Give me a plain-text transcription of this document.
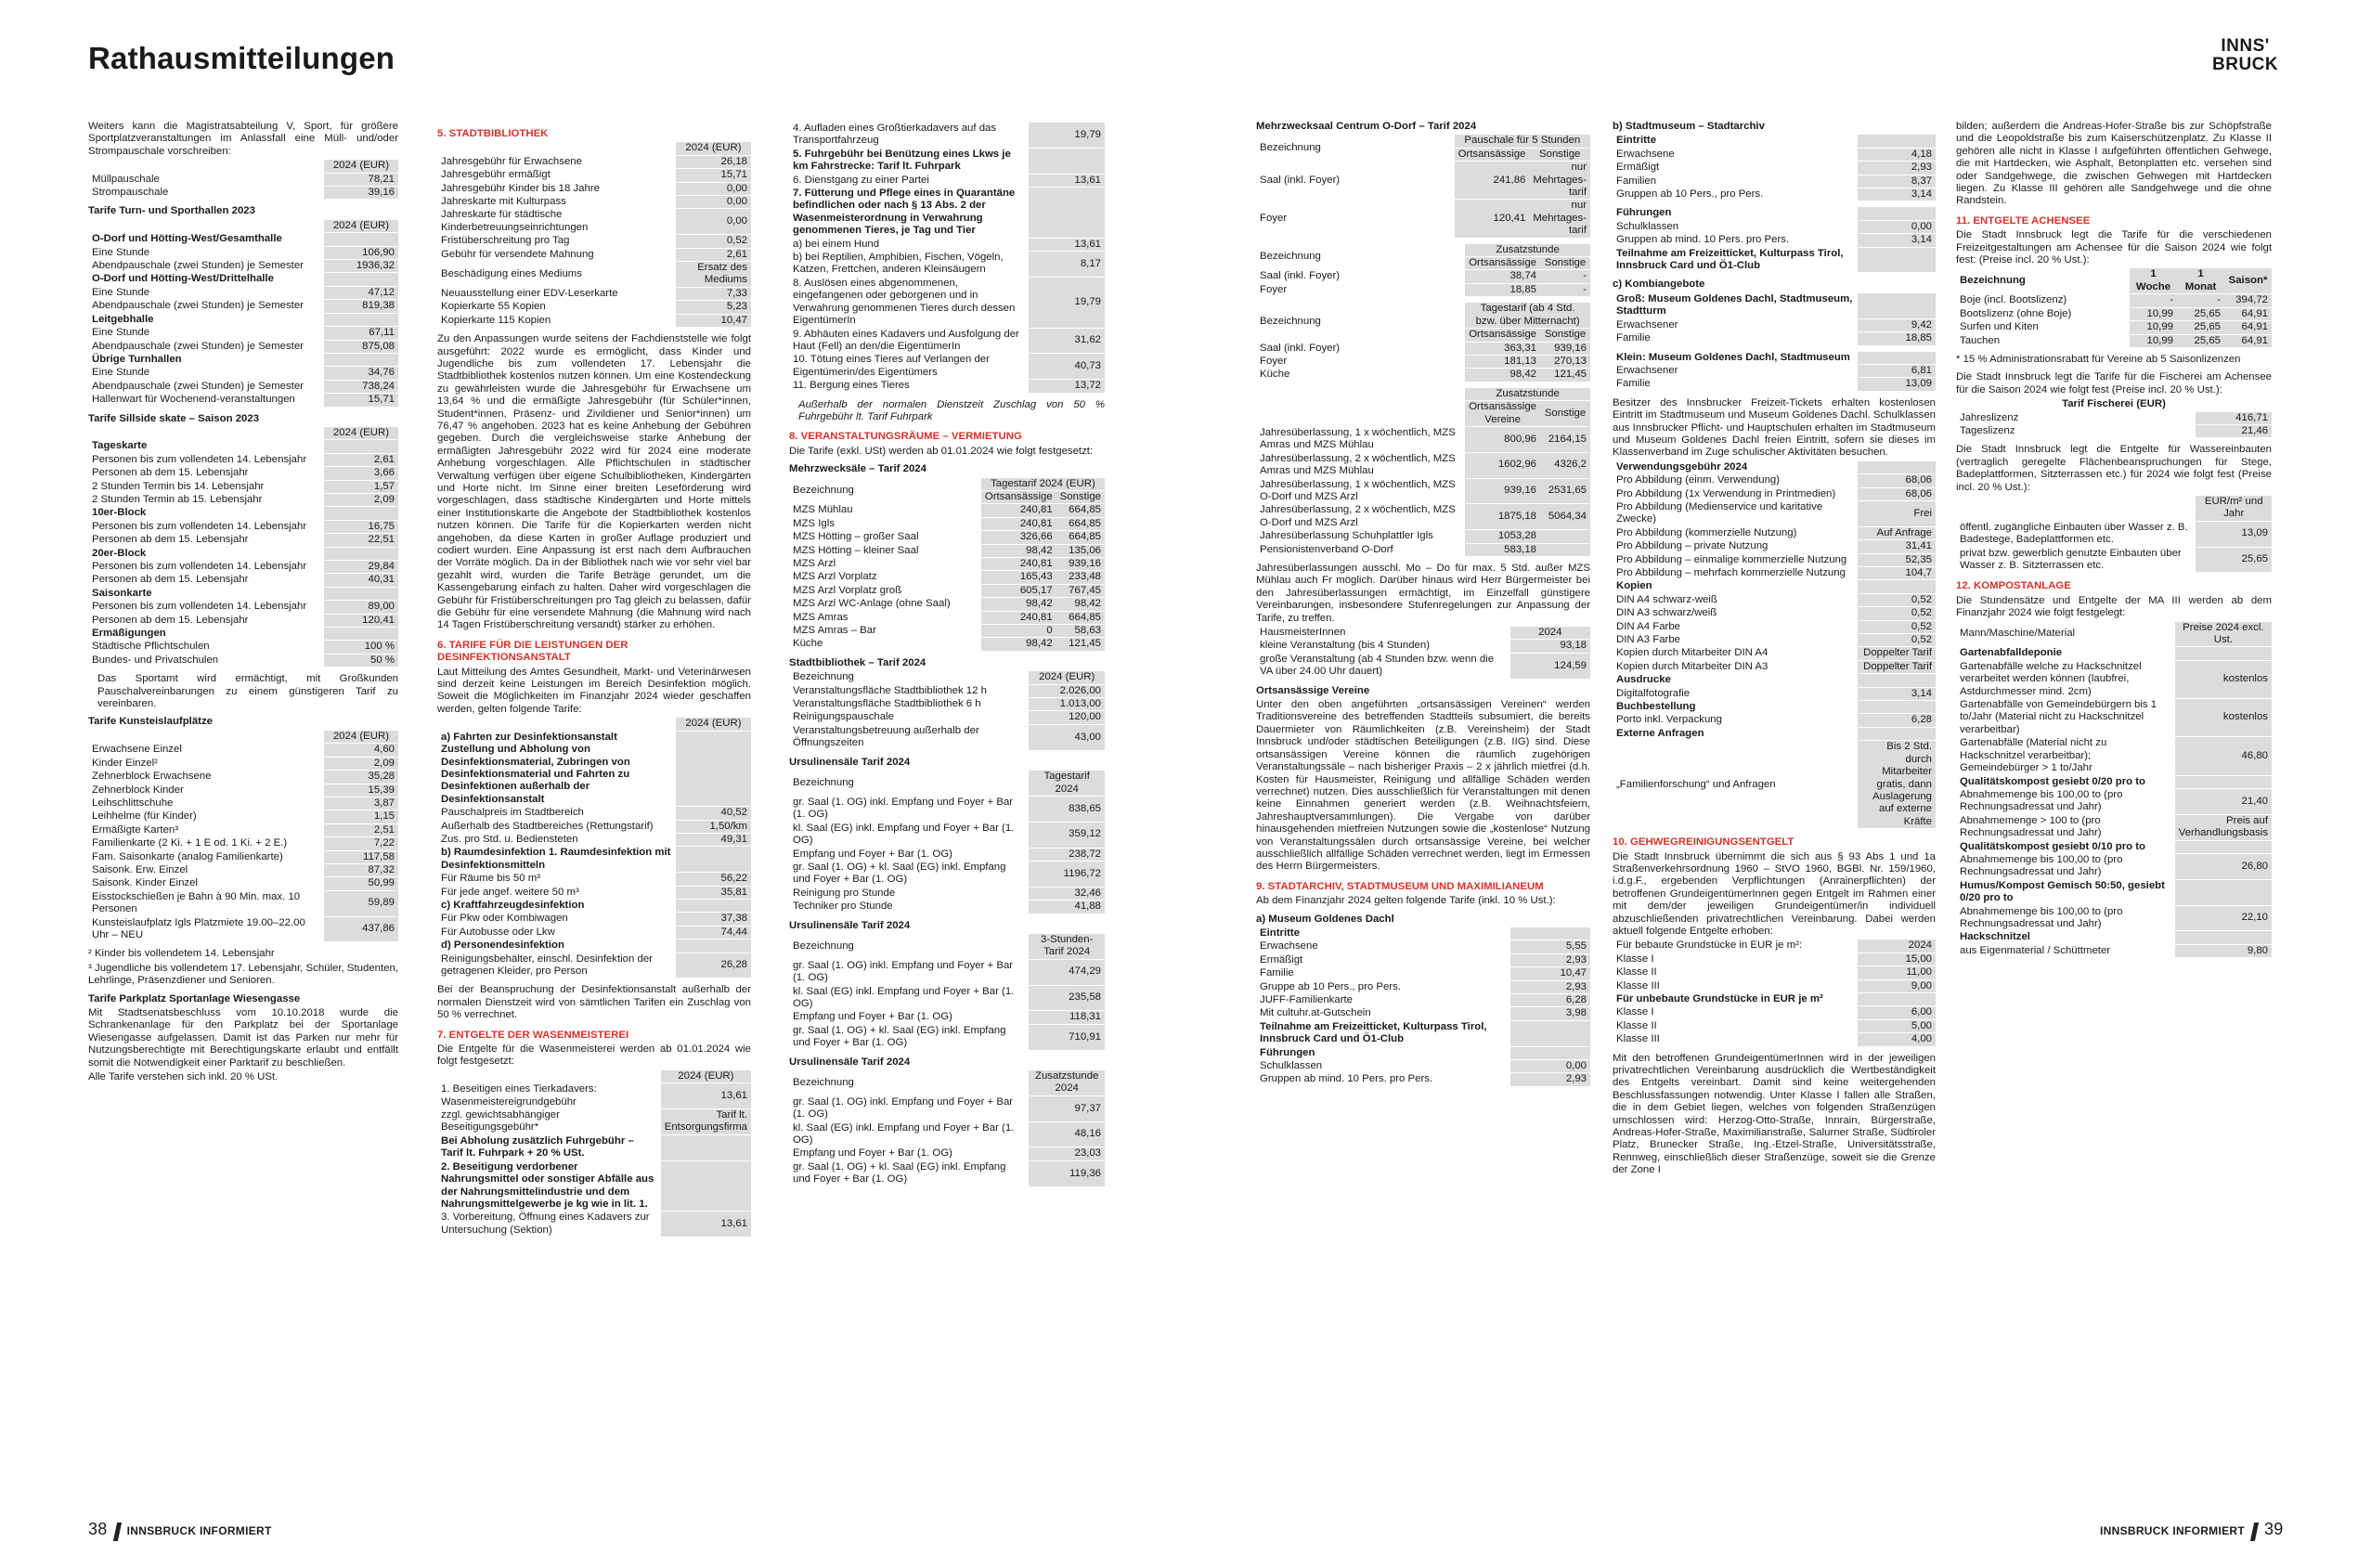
Rathausmitteilungen	INNS'
BRUCK

Weiters kann die Magistratsabteilung V, Sport, für größere Sportplatzveranstaltungen im Anlassfall eine Müll- und/oder Strompauschale vorschreiben:

	2024 (EUR)
Müllpauschale	78,21
Strompauschale	39,16
Tarife Turn- und Sporthallen 2023
	2024 (EUR)
O-Dorf und Hötting-West/Gesamthalle	
Eine Stunde	106,90
Abendpauschale (zwei Stunden) je Semester	1936,32
O-Dorf und Hötting-West/Drittelhalle	
Eine Stunde	47,12
Abendpauschale (zwei Stunden) je Semester	819,38
Leitgebhalle	
Eine Stunde	67,11
Abendpauschale (zwei Stunden) je Semester	875,08
Übrige Turnhallen	
Eine Stunde	34,76
Abendpauschale (zwei Stunden) je Semester	738,24
Hallenwart für Wochenend-veranstaltungen	15,71
Tarife Sillside skate – Saison 2023
	2024 (EUR)
Tageskarte	
Personen bis zum vollendeten 14. Lebensjahr	2,61
Personen ab dem 15. Lebensjahr	3,66
2 Stunden Termin bis 14. Lebensjahr	1,57
2 Stunden Termin ab 15. Lebensjahr	2,09
10er-Block	
Personen bis zum vollendeten 14. Lebensjahr	16,75
Personen ab dem 15. Lebensjahr	22,51
20er-Block	
Personen bis zum vollendeten 14. Lebensjahr	29,84
Personen ab dem 15. Lebensjahr	40,31
Saisonkarte	
Personen bis zum vollendeten 14. Lebensjahr	89,00
Personen ab dem 15. Lebensjahr	120,41
Ermäßigungen	
Städtische Pflichtschulen	100 %
Bundes- und Privatschulen	50 %

Das Sportamt wird ermächtigt, mit Großkunden Pauschalvereinbarungen zu einem günstigeren Tarif zu vereinbaren.

Tarife Kunsteislaufplätze
	2024 (EUR)
Erwachsene Einzel	4,60
Kinder Einzel²	2,09
Zehnerblock Erwachsene	35,28
Zehnerblock Kinder	15,39
Leihschlittschuhe	3,87
Leihhelme (für Kinder)	1,15
Ermäßigte Karten³	2,51
Familienkarte (2 Ki. + 1 E od. 1 Ki. + 2 E.)	7,22
Fam. Saisonkarte (analog Familienkarte)	117,58
Saisonk. Erw. Einzel	87,32
Saisonk. Kinder Einzel	50,99
Eisstockschießen je Bahn à 90 Min. max. 10 Personen	59,89
Kunsteislaufplatz Igls Platzmiete 19.00–22.00 Uhr – NEU	437,86

² Kinder bis vollendetem 14. Lebensjahr

³ Jugendliche bis vollendetem 17. Lebensjahr, Schüler, Studenten, Lehrlinge, Präsenzdiener und Senioren.

Tarife Parkplatz Sportanlage Wiesengasse

Mit Stadtsenatsbeschluss vom 10.10.2018 wurde die Schrankenanlage für den Parkplatz bei der Sportanlage Wiesengasse aufgelassen. Damit ist das Parken nur mehr für Nutzungsberechtigte mit Berechtigungskarte erlaubt und entfällt somit die Notwendigkeit einer Parktarif zu beschließen.

Alle Tarife verstehen sich inkl. 20 % USt.

5. STADTBIBLIOTHEK
	2024 (EUR)
Jahresgebühr für Erwachsene	26,18
Jahresgebühr ermäßigt	15,71
Jahresgebühr Kinder bis 18 Jahre	0,00
Jahreskarte mit Kulturpass	0,00
Jahreskarte für städtische Kinderbetreuungseinrichtungen	0,00
Fristüberschreitung pro Tag	0,52
Gebühr für versendete Mahnung	2,61
Beschädigung eines Mediums	Ersatz des Mediums
Neuausstellung einer EDV-Leserkarte	7,33
Kopierkarte 55 Kopien	5,23
Kopierkarte 115 Kopien	10,47

Zu den Anpassungen wurde seitens der Fachdienststelle wie folgt ausgeführt: 2022 wurde es ermöglicht, dass Kinder und Jugendliche bis zum vollendeten 17. Lebensjahr die Stadtbibliothek kostenlos nutzen können. Um eine Kostendeckung zu gewährleisten wurde die Jahresgebühr für Erwachsene um 13,64 % und die ermäßigte Jahresgebühr (für Schüler*innen, Student*innen, Präsenz- und Zivildiener und Senior*innen) um 76,47 % angehoben. 2023 hat es keine Anhebung der Gebühren gegeben. Durch die vergleichsweise starke Anhebung der ermäßigten Jahresgebühr 2022 wird für 2024 eine moderate Anhebung vorgeschlagen. Alle Pflichtschulen in städtischer Verwaltung verfügen über eigene Schulbibliotheken, Kindergärten und Horte nicht. Im Sinne einer breiten Leseförderung wird vorgeschlagen, dass städtische Kindergärten und Horte mittels einer Institutionskarte die Angebote der Stadtbibliothek kostenlos nutzen können. Die Tarife für die Kopierkarten werden nicht angehoben, da diese Karten in großer Auflage produziert und codiert wurden. Eine Anpassung ist erst nach dem Aufbrauchen der Vorräte möglich. Da in der Bibliothek nach wie vor sehr viel bar gezahlt wird, wurden die Tarife Beträge gerundet, um die Kassengebarung einfach zu halten. Daher wird vorgeschlagen die Gebühr für Fristüberschreitungen pro Tag gleich zu belassen, dafür die Gebühr für eine versendete Mahnung (die Mahnung wird nach 14 Tagen Fristüberschreitung versandt) stärker zu erhöhen.

6. TARIFE FÜR DIE LEISTUNGEN DER DESINFEKTIONSANSTALT

Laut Mitteilung des Amtes Gesundheit, Markt- und Veterinärwesen sind derzeit keine Leistungen im Bereich Desinfektion möglich. Soweit die Möglichkeiten im Finanzjahr 2024 wieder geschaffen werden, gelten folgende Tarife:

	2024 (EUR)
a) Fahrten zur Desinfektionsanstalt Zustellung und Abholung von Desinfektionsmaterial, Zubringen von Desinfektionsmaterial und Fahrten zu Desinfektionen außerhalb der Desinfektionsanstalt	
Pauschalpreis im Stadtbereich	40,52
Außerhalb des Stadtbereiches (Rettungstarif)	1,50/km
Zus. pro Std. u. Bediensteten	49,31
b) Raumdesinfektion 1. Raumdesinfektion mit Desinfektionsmitteln	
Für Räume bis 50 m³	56,22
Für jede angef. weitere 50 m³	35,81
c) Kraftfahrzeugdesinfektion	
Für Pkw oder Kombiwagen	37,38
Für Autobusse oder Lkw	74,44
d) Personendesinfektion	
Reinigungsbehälter, einschl. Desinfektion der getragenen Kleider, pro Person	26,28

Bei der Beanspruchung der Desinfektionsanstalt außerhalb der normalen Dienstzeit wird von sämtlichen Tarifen ein Zuschlag von 50 % verrechnet.

7. ENTGELTE DER WASENMEISTEREI

Die Entgelte für die Wasenmeisterei werden ab 01.01.2024 wie folgt festgesetzt:

	2024 (EUR)
1. Beseitigen eines Tierkadavers: Wasenmeistereigrundgebühr	13,61
zzgl. gewichtsabhängiger Beseitigungsgebühr*	Tarif lt. Entsorgungsfirma
Bei Abholung zusätzlich Fuhrgebühr – Tarif lt. Fuhrpark + 20 % USt.	
2. Beseitigung verdorbener Nahrungsmittel oder sonstiger Abfälle aus der Nahrungsmittelindustrie und dem Nahrungsmittelgewerbe je kg wie in lit. 1.	
3. Vorbereitung, Öffnung eines Kadavers zur Untersuchung (Sektion)	13,61
4. Aufladen eines Großtierkadavers auf das Transportfahrzeug	19,79
5. Fuhrgebühr bei Benützung eines Lkws je km Fahrstrecke: Tarif lt. Fuhrpark	
6. Dienstgang zu einer Partei	13,61
7. Fütterung und Pflege eines in Quarantäne befindlichen oder nach § 13 Abs. 2 der Wasenmeisterordnung in Verwahrung genommenen Tieres, je Tag und Tier	
a) bei einem Hund	13,61
b) bei Reptilien, Amphibien, Fischen, Vögeln, Katzen, Frettchen, anderen Kleinsäugern	8,17
8. Auslösen eines abgenommenen, eingefangenen oder geborgenen und in Verwahrung genommenen Tieres durch dessen EigentümerIn	19,79
9. Abhäuten eines Kadavers und Ausfolgung der Haut (Fell) an den/die EigentümerIn	31,62
10. Tötung eines Tieres auf Verlangen der Eigentümerin/des Eigentümers	40,73
11. Bergung eines Tieres	13,72

Außerhalb der normalen Dienstzeit Zuschlag von 50 % Fuhrgebühr lt. Tarif Fuhrpark

8. VERANSTALTUNGSRÄUME – VERMIETUNG

Die Tarife (exkl. USt) werden ab 01.01.2024 wie folgt festgesetzt:

Mehrzwecksäle – Tarif 2024
Bezeichnung	Tagestarif 2024 (EUR)	
	Ortsansässige	Sonstige
MZS Mühlau	240,81	664,85
MZS Igls	240,81	664,85
MZS Hötting – großer Saal	326,66	664,85
MZS Hötting – kleiner Saal	98,42	135,06
MZS Arzl	240,81	939,16
MZS Arzl Vorplatz	165,43	233,48
MZS Arzl Vorplatz groß	605,17	767,45
MZS Arzl WC-Anlage (ohne Saal)	98,42	98,42
MZS Amras	240,81	664,85
MZS Amras – Bar	0	58,63
Küche	98,42	121,45
Stadtbibliothek – Tarif 2024
Bezeichnung	2024 (EUR)
Veranstaltungsfläche Stadtbibliothek 12 h	2.026,00
Veranstaltungsfläche Stadtbibliothek 6 h	1.013,00
Reinigungspauschale	120,00
Veranstaltungsbetreuung außerhalb der Öffnungszeiten	43,00
Ursulinensäle Tarif 2024
Bezeichnung	Tagestarif 2024
gr. Saal (1. OG) inkl. Empfang und Foyer + Bar (1. OG)	838,65
kl. Saal (EG) inkl. Empfang und Foyer + Bar (1. OG)	359,12
Empfang und Foyer + Bar (1. OG)	238,72
gr. Saal (1. OG) + kl. Saal (EG) inkl. Empfang und Foyer + Bar (1. OG)	1196,72
Reinigung pro Stunde	32,46
Techniker pro Stunde	41,88
Ursulinensäle Tarif 2024
Bezeichnung	3-Stunden-Tarif 2024
gr. Saal (1. OG) inkl. Empfang und Foyer + Bar (1. OG)	474,29
kl. Saal (EG) inkl. Empfang und Foyer + Bar (1. OG)	235,58
Empfang und Foyer + Bar (1. OG)	118,31
gr. Saal (1. OG) + kl. Saal (EG) inkl. Empfang und Foyer + Bar (1. OG)	710,91
Ursulinensäle Tarif 2024
Bezeichnung	Zusatzstunde 2024
gr. Saal (1. OG) inkl. Empfang und Foyer + Bar (1. OG)	97,37
kl. Saal (EG) inkl. Empfang und Foyer + Bar (1. OG)	48,16
Empfang und Foyer + Bar (1. OG)	23,03
gr. Saal (1. OG) + kl. Saal (EG) inkl. Empfang und Foyer + Bar (1. OG)	119,36
Mehrzwecksaal Centrum O-Dorf – Tarif 2024
Bezeichnung	Pauschale für 5 Stunden	
	Ortsansässige	Sonstige
Saal (inkl. Foyer)	241,86	nur Mehrtages-tarif
Foyer	120,41	nur Mehrtages-tarif
Bezeichnung	Zusatzstunde	
	Ortsansässige	Sonstige
Saal (inkl. Foyer)	38,74	-
Foyer	18,85	-
Bezeichnung	Tagestarif (ab 4 Std. bzw. über Mitternacht)	
	Ortsansässige	Sonstige
Saal (inkl. Foyer)	363,31	939,16
Foyer	181,13	270,13
Küche	98,42	121,45
	Zusatzstunde	
	Ortsansässige Vereine	Sonstige
Jahresüberlassung, 1 x wöchentlich, MZS Amras und MZS Mühlau	800,96	2164,15
Jahresüberlassung, 2 x wöchentlich, MZS Amras und MZS Mühlau	1602,96	4326,2
Jahresüberlassung, 1 x wöchentlich, MZS O-Dorf und MZS Arzl	939,16	2531,65
Jahresüberlassung, 2 x wöchentlich, MZS O-Dorf und MZS Arzl	1875,18	5064,34
Jahresüberlassung Schuhplattler Igls	1053,28	
Pensionistenverband O-Dorf	583,18	

Jahresüberlassungen ausschl. Mo – Do für max. 5 Std. außer MZS Mühlau auch Fr möglich. Darüber hinaus wird Herr Bürgermeister bei den Jahresüberlassungen ermächtigt, im Einzelfall günstigere Vereinbarungen, insbesondere Stufenregelungen zur Anpassung der Tarife, zu treffen.

HausmeisterInnen	2024
kleine Veranstaltung (bis 4 Stunden)	93,18
große Veranstaltung (ab 4 Stunden bzw. wenn die VA über 24.00 Uhr dauert)	124,59
Ortsansässige Vereine

Unter den oben angeführten „ortsansässigen Vereinen“ werden Traditionsvereine des betreffenden Stadtteils subsumiert, die bereits Dauermieter von Räumlichkeiten (z.B. Vereinsheim) der Stadt Innsbruck und/oder städtischen Beteiligungen (z.B. IIG) sind. Diese ortsansässigen Vereine können die räumlich zugehörigen Veranstaltungssäle – nach bisheriger Praxis – 2 x jährlich mietfrei (d.h. Kosten für Hausmeister, Reinigung und allfällige Schäden werden verrechnet) nutzen. Dies ausschließlich für Veranstaltungen mit denen keine Einnahmen generiert werden (z.B. Weihnachtsfeiern, Jahreshauptversammlungen). Die Vergabe von darüber hinausgehenden mietfreien Nutzungen sowie die „kostenlose“ Nutzung von Veranstaltungssälen durch ortsansässige Vereine, bei welcher ausschließlich allfällige Schäden verrechnet werden, liegt im Ermessen des Herrn Bürgermeisters.

9. STADTARCHIV, STADTMUSEUM UND MAXIMILIANEUM

Ab dem Finanzjahr 2024 gelten folgende Tarife (inkl. 10 % Ust.):

a) Museum Goldenes Dachl
Eintritte	
Erwachsene	5,55
Ermäßigt	2,93
Familie	10,47
Gruppe ab 10 Pers., pro Pers.	2,93
JUFF-Familienkarte	6,28
Mit cultuhr.at-Gutschein	3,98
Teilnahme am Freizeitticket, Kulturpass Tirol, Innsbruck Card und Ö1-Club	
Führungen	
Schulklassen	0,00
Gruppen ab mind. 10 Pers. pro Pers.	2,93
b) Stadtmuseum – Stadtarchiv
Eintritte	
Erwachsene	4,18
Ermäßigt	2,93
Familien	8,37
Gruppen ab 10 Pers., pro Pers.	3,14
Führungen	
Schulklassen	0,00
Gruppen ab mind. 10 Pers. pro Pers.	3,14
Teilnahme am Freizeitticket, Kulturpass Tirol, Innsbruck Card und Ö1-Club	
c) Kombiangebote
Groß: Museum Goldenes Dachl, Stadtmuseum, Stadtturm	
Erwachsener	9,42
Familie	18,85
Klein: Museum Goldenes Dachl, Stadtmuseum	
Erwachsener	6,81
Familie	13,09

Besitzer des Innsbrucker Freizeit-Tickets erhalten kostenlosen Eintritt im Stadtmuseum und Museum Goldenes Dachl. Schulklassen aus Innsbrucker Pflicht- und Hauptschulen erhalten im Stadtmuseum und Museum Goldenes Dachl freien Eintritt, sofern sie dieses im Klassenverband im Zuge schulischer Aktivitäten besuchen.

Verwendungsgebühr 2024	
Pro Abbildung (einm. Verwendung)	68,06
Pro Abbildung (1x Verwendung in Printmedien)	68,06
Pro Abbildung (Medienservice und karitative Zwecke)	Frei
Pro Abbildung (kommerzielle Nutzung)	Auf Anfrage
Pro Abbildung – private Nutzung	31,41
Pro Abbildung – einmalige kommerzielle Nutzung	52,35
Pro Abbildung – mehrfach kommerzielle Nutzung	104,7
Kopien	
DIN A4 schwarz-weiß	0,52
DIN A3 schwarz/weiß	0,52
DIN A4 Farbe	0,52
DIN A3 Farbe	0,52
Kopien durch Mitarbeiter DIN A4	Doppelter Tarif
Kopien durch Mitarbeiter DIN A3	Doppelter Tarif
Ausdrucke	
Digitalfotografie	3,14
Buchbestellung	
Porto inkl. Verpackung	6,28
Externe Anfragen	
„Familienforschung“ und Anfragen	Bis 2 Std. durch Mitarbeiter gratis, dann Auslagerung auf externe Kräfte
10. GEHWEGREINIGUNGSENTGELT

Die Stadt Innsbruck übernimmt die sich aus § 93 Abs 1 und 1a Straßenverkehrsordnung 1960 – StVO 1960, BGBl. Nr. 159/1960, i.d.g.F., ergebenden Verpflichtungen (Anrainerpflichten) der betroffenen GrundeigentümerInnen gegen Entgelt im Rahmen einer mit dem/der jeweiligen Grundeigentümer/in individuell abzuschließenden privatrechtlichen Vereinbarung. Dabei werden aktuell folgende Entgelte erhoben:

Für bebaute Grundstücke in EUR je m²:	2024
Klasse I	15,00
Klasse II	11,00
Klasse III	9,00
Für unbebaute Grundstücke in EUR je m²	
Klasse I	6,00
Klasse II	5,00
Klasse III	4,00

Mit den betroffenen GrundeigentümerInnen wird in der jeweiligen privatrechtlichen Vereinbarung ausdrücklich die Wertbeständigkeit des Entgelts vereinbart. Damit sind keine weitergehenden Beschlussfassungen notwendig. Unter Klasse I fallen alle Straßen, die in dem Gebiet liegen, welches von folgenden Straßenzügen umschlossen wird: Herzog-Otto-Straße, Innrain, Bürgerstraße, Andreas-Hofer-Straße, Maximilianstraße, Salurner Straße, Südtiroler Platz, Brunecker Straße, Ing.-Etzel-Straße, Universitätsstraße, Rennweg, einschließlich dieser Straßenzüge, soweit sie die Grenze der Zone I

bilden; außerdem die Andreas-Hofer-Straße bis zur Schöpfstraße und die Leopoldstraße bis zum Kaiserschützenplatz. Zu Klasse II gehören alle nicht in Klasse I aufgeführten öffentlichen Gehwege, die mit Hartdecken, wie Asphalt, Betonplatten etc. versehen sind oder Sandgehwege, die zwischen Gehwegen mit Hartdecken liegen. Zu Klasse III gehören alle Sandgehwege und die ohne Randstein.

11. ENTGELTE ACHENSEE

Die Stadt Innsbruck legt die Tarife für die verschiedenen Freizeitgestaltungen am Achensee für die Saison 2024 wie folgt fest: (Preise incl. 20 % Ust.):

Bezeichnung	1 Woche	1 Monat	Saison*
Boje (incl. Bootslizenz)	-	-	394,72
Bootslizenz (ohne Boje)	10,99	25,65	64,91
Surfen und Kiten	10,99	25,65	64,91
Tauchen	10,99	25,65	64,91

* 15 % Administrationsrabatt für Vereine ab 5 Saisonlizenzen

Die Stadt Innsbruck legt die Tarife für die Fischerei am Achensee für die Saison 2024 wie folgt fest (Preise incl. 20 % Ust.):

Tarif Fischerei (EUR)	
Jahreslizenz	416,71
Tageslizenz	21,46

Die Stadt Innsbruck legt die Entgelte für Wassereinbauten (vertraglich geregelte Flächenbeanspruchungen für Stege, Badeplattformen, Sitzterrassen etc.) für 2024 wie folgt fest (Preise incl. 20 % Ust.):

	EUR/m² und Jahr
öffentl. zugängliche Einbauten über Wasser z. B. Badestege, Badeplattformen etc.	13,09
privat bzw. gewerblich genutzte Einbauten über Wasser z. B. Sitzterrassen etc.	25,65
12. KOMPOSTANLAGE

Die Stundensätze und Entgelte der MA III werden ab dem Finanzjahr 2024 wie folgt festgelegt:

Mann/Maschine/Material	Preise 2024 excl. Ust.
Gartenabfalldeponie	
Gartenabfälle welche zu Hackschnitzel verarbeitet werden können (laubfrei, Astdurchmesser mind. 2cm)	kostenlos
Gartenabfälle von Gemeindebürgern bis 1 to/Jahr (Material nicht zu Hackschnitzel verarbeitbar)	kostenlos
Gartenabfälle (Material nicht zu Hackschnitzel verarbeitbar); Gemeindebürger > 1 to/Jahr	46,80
Qualitätskompost gesiebt 0/20 pro to	
Abnahmemenge bis 100,00 to (pro Rechnungsadressat und Jahr)	21,40
Abnahmemenge > 100 to (pro Rechnungsadressat und Jahr)	Preis auf Verhandlungsbasis
Qualitätskompost gesiebt 0/10 pro to	
Abnahmemenge bis 100,00 to (pro Rechnungsadressat und Jahr)	26,80
Humus/Kompost Gemisch 50:50, gesiebt 0/20 pro to	
Abnahmemenge bis 100,00 to (pro Rechnungsadressat und Jahr)	22,10
Hackschnitzel	
aus Eigenmaterial / Schüttmeter	9,80
38 INNSBRUCK INFORMIERT	INNSBRUCK INFORMIERT 39
